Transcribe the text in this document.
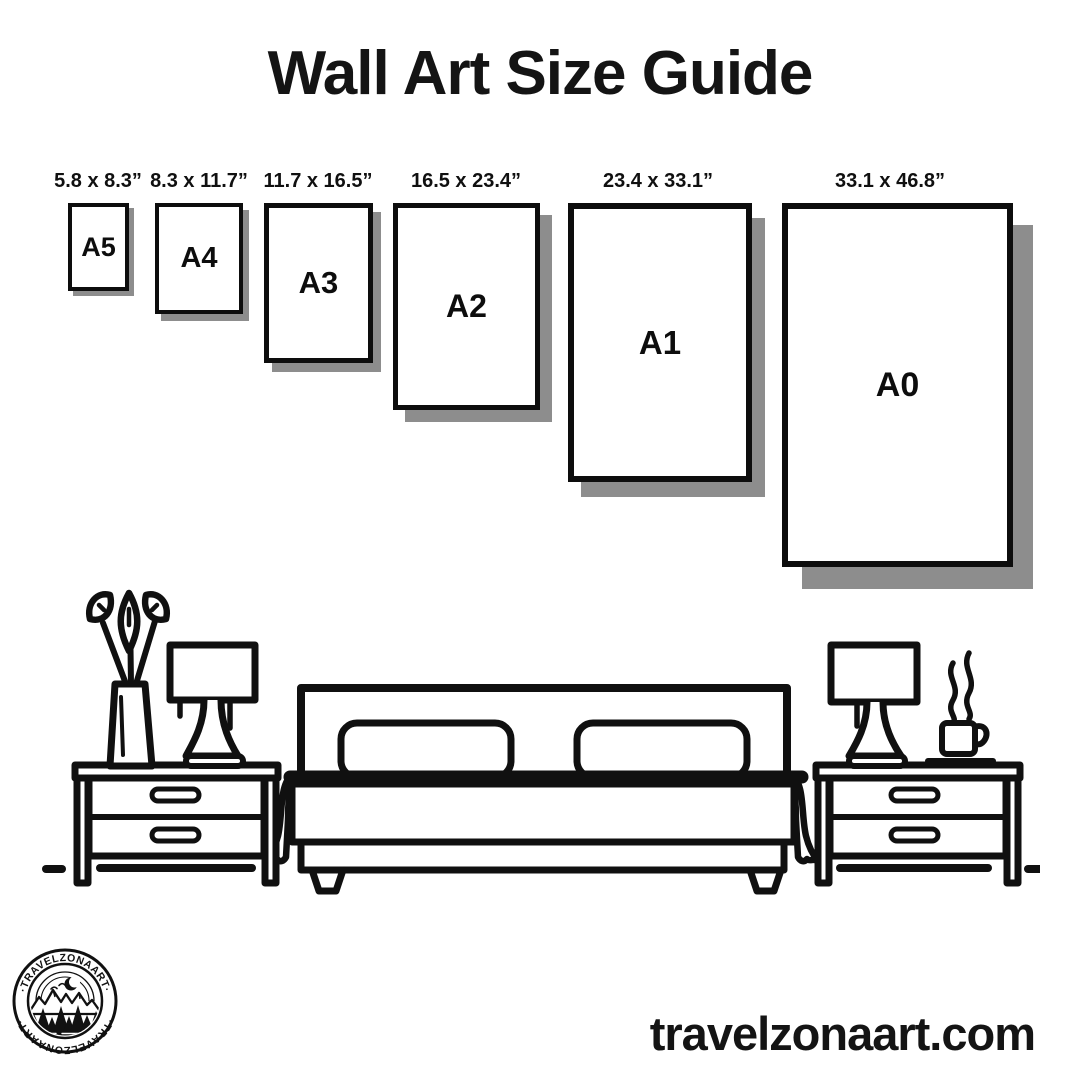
Wall Art Size Guide
5.8 x 8.3” 8.3 x 11.7” 11.7 x 16.5”	16.5 x 23.4”	23.4 x 33.1”	33.1 x 46.8”
A5 A4
A3
A2
A1
A0
·TRAVELZONAART·
·TRAVELZONAART·	travelzonaart.com
